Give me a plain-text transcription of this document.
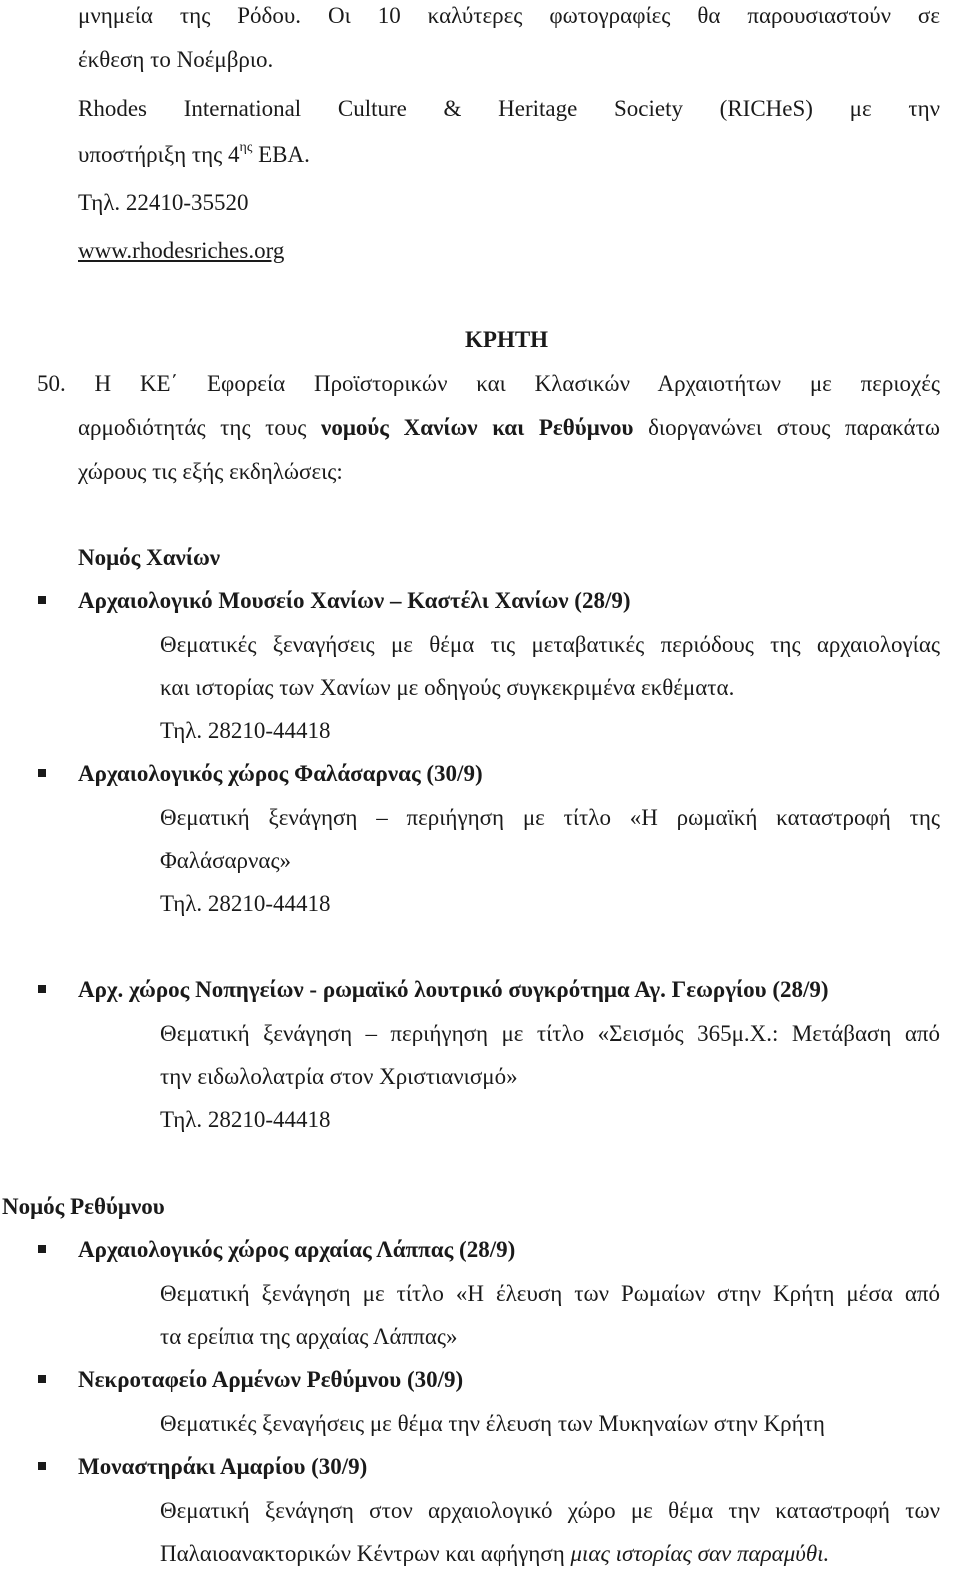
μνημεία της Ρόδου. Οι 10 καλύτερες φωτογραφίες θα παρουσιαστούν σε
έκθεση το Νοέμβριο.
Rhodes International Culture & Heritage Society (RICHeS) με την
υποστήριξη της $4^{\eta\varsigma}$ ΕΒΑ.
Τηλ. 22410-35520
www.rhodesriches.org
ΚΡΗΤΗ
50. Η ΚΕ΄ Εφορεία Προϊστορικών και Κλασικών Αρχαιοτήτων με περιοχές
αρμοδιότητάς της τους νομούς Χανίων και Ρεθύμνου διοργανώνει στους παρακάτω
χώρους τις εξής εκδηλώσεις:
Νομός Χανίων
Αρχαιολογικό Μουσείο Χανίων – Καστέλι Χανίων (28/9)
Θεματικές ξεναγήσεις με θέμα τις μεταβατικές περιόδους της αρχαιολογίας
και ιστορίας των Χανίων με οδηγούς συγκεκριμένα εκθέματα.
Τηλ. 28210-44418
Αρχαιολογικός χώρος Φαλάσαρνας (30/9)
Θεματική ξενάγηση – περιήγηση με τίτλο «Η ρωμαϊκή καταστροφή της
Φαλάσαρνας»
Τηλ. 28210-44418
Αρχ. χώρος Νοπηγείων - ρωμαϊκό λουτρικό συγκρότημα Αγ. Γεωργίου (28/9)
Θεματική ξενάγηση – περιήγηση με τίτλο «Σεισμός 365μ.Χ.: Μετάβαση από
την ειδωλολατρία στον Χριστιανισμό»
Τηλ. 28210-44418
Νομός Ρεθύμνου
Αρχαιολογικός χώρος αρχαίας Λάππας (28/9)
Θεματική ξενάγηση με τίτλο «Η έλευση των Ρωμαίων στην Κρήτη μέσα από
τα ερείπια της αρχαίας Λάππας»
Νεκροταφείο Αρμένων Ρεθύμνου (30/9)
Θεματικές ξεναγήσεις με θέμα την έλευση των Μυκηναίων στην Κρήτη
Μοναστηράκι Αμαρίου (30/9)
Θεματική ξενάγηση στον αρχαιολογικό χώρο με θέμα την καταστροφή των
Παλαιοανακτορικών Κέντρων και αφήγηση μιας ιστορίας σαν παραμύθι.
